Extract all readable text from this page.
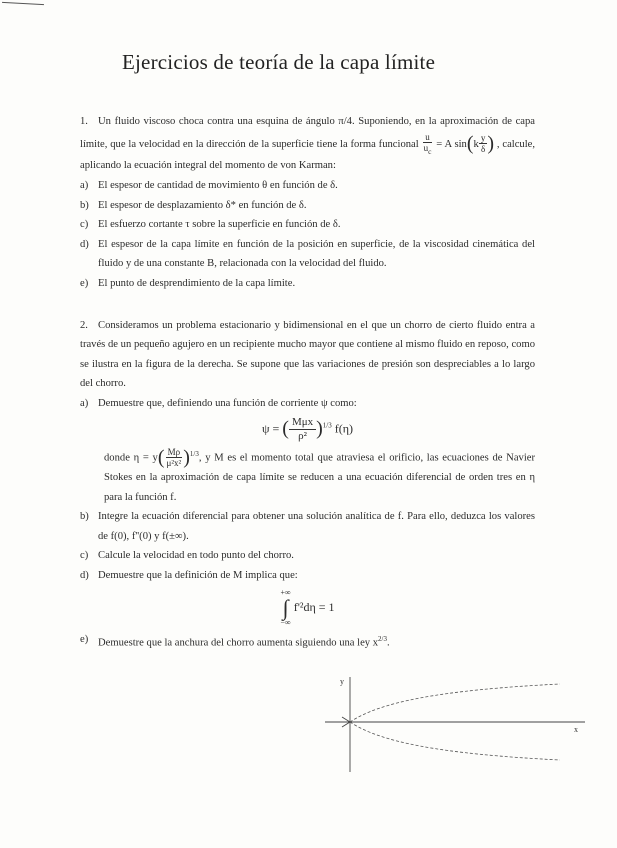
Ejercicios de teoría de la capa límite

1. Un fluido viscoso choca contra una esquina de ángulo π/4. Suponiendo, en la aproximación de capa límite, que la velocidad en la dirección de la superficie tiene la forma funcional $\frac{u}{u_c} = A$ $\sin(k \frac{y}{\delta}$ ) , calcule, aplicando la ecuación integral del momento de von Karman:

a) El espesor de cantidad de movimiento θ en función de δ.
b) El espesor de desplazamiento δ* en función de δ.
c) El esfuerzo cortante τ sobre la superficie en función de δ.
d) El espesor de la capa límite en función de la posición en superficie, de la viscosidad cinemática del fluido y de una constante B, relacionada con la velocidad del fluido.
e) El punto de desprendimiento de la capa límite.

2. Consideramos un problema estacionario y bidimensional en el que un chorro de cierto fluido entra a través de un pequeño agujero en un recipiente mucho mayor que contiene al mismo fluido en reposo, como se ilustra en la figura de la derecha. Se supone que las variaciones de presión son despreciables a lo largo del chorro.

a) Demuestre que, definiendo una función de corriente ψ como:
ψ = ( $\frac{\text{Mμx}}{\text{ρ²}} )^{1/3}$ f(η)
donde $\eta = y( \frac{M\rho}{\text{μ²x²}} )^{1/3}$, y M es el momento total que atraviesa el orificio, las ecuaciones de Navier Stokes en la aproximación de capa límite se reducen a una ecuación diferencial de orden tres en η para la función f.
b) Integre la ecuación diferencial para obtener una solución analítica de f. Para ello, deduzca los valores de f(0), f''(0) y f(±∞).
c) Calcule la velocidad en todo punto del chorro.
d) Demuestre que la definición de M implica que:
+∞
∫
−∞
f'²dη = 1
e) Demuestre que la anchura del chorro aumenta siguiendo una ley $x^{2/3}$.
y
x
